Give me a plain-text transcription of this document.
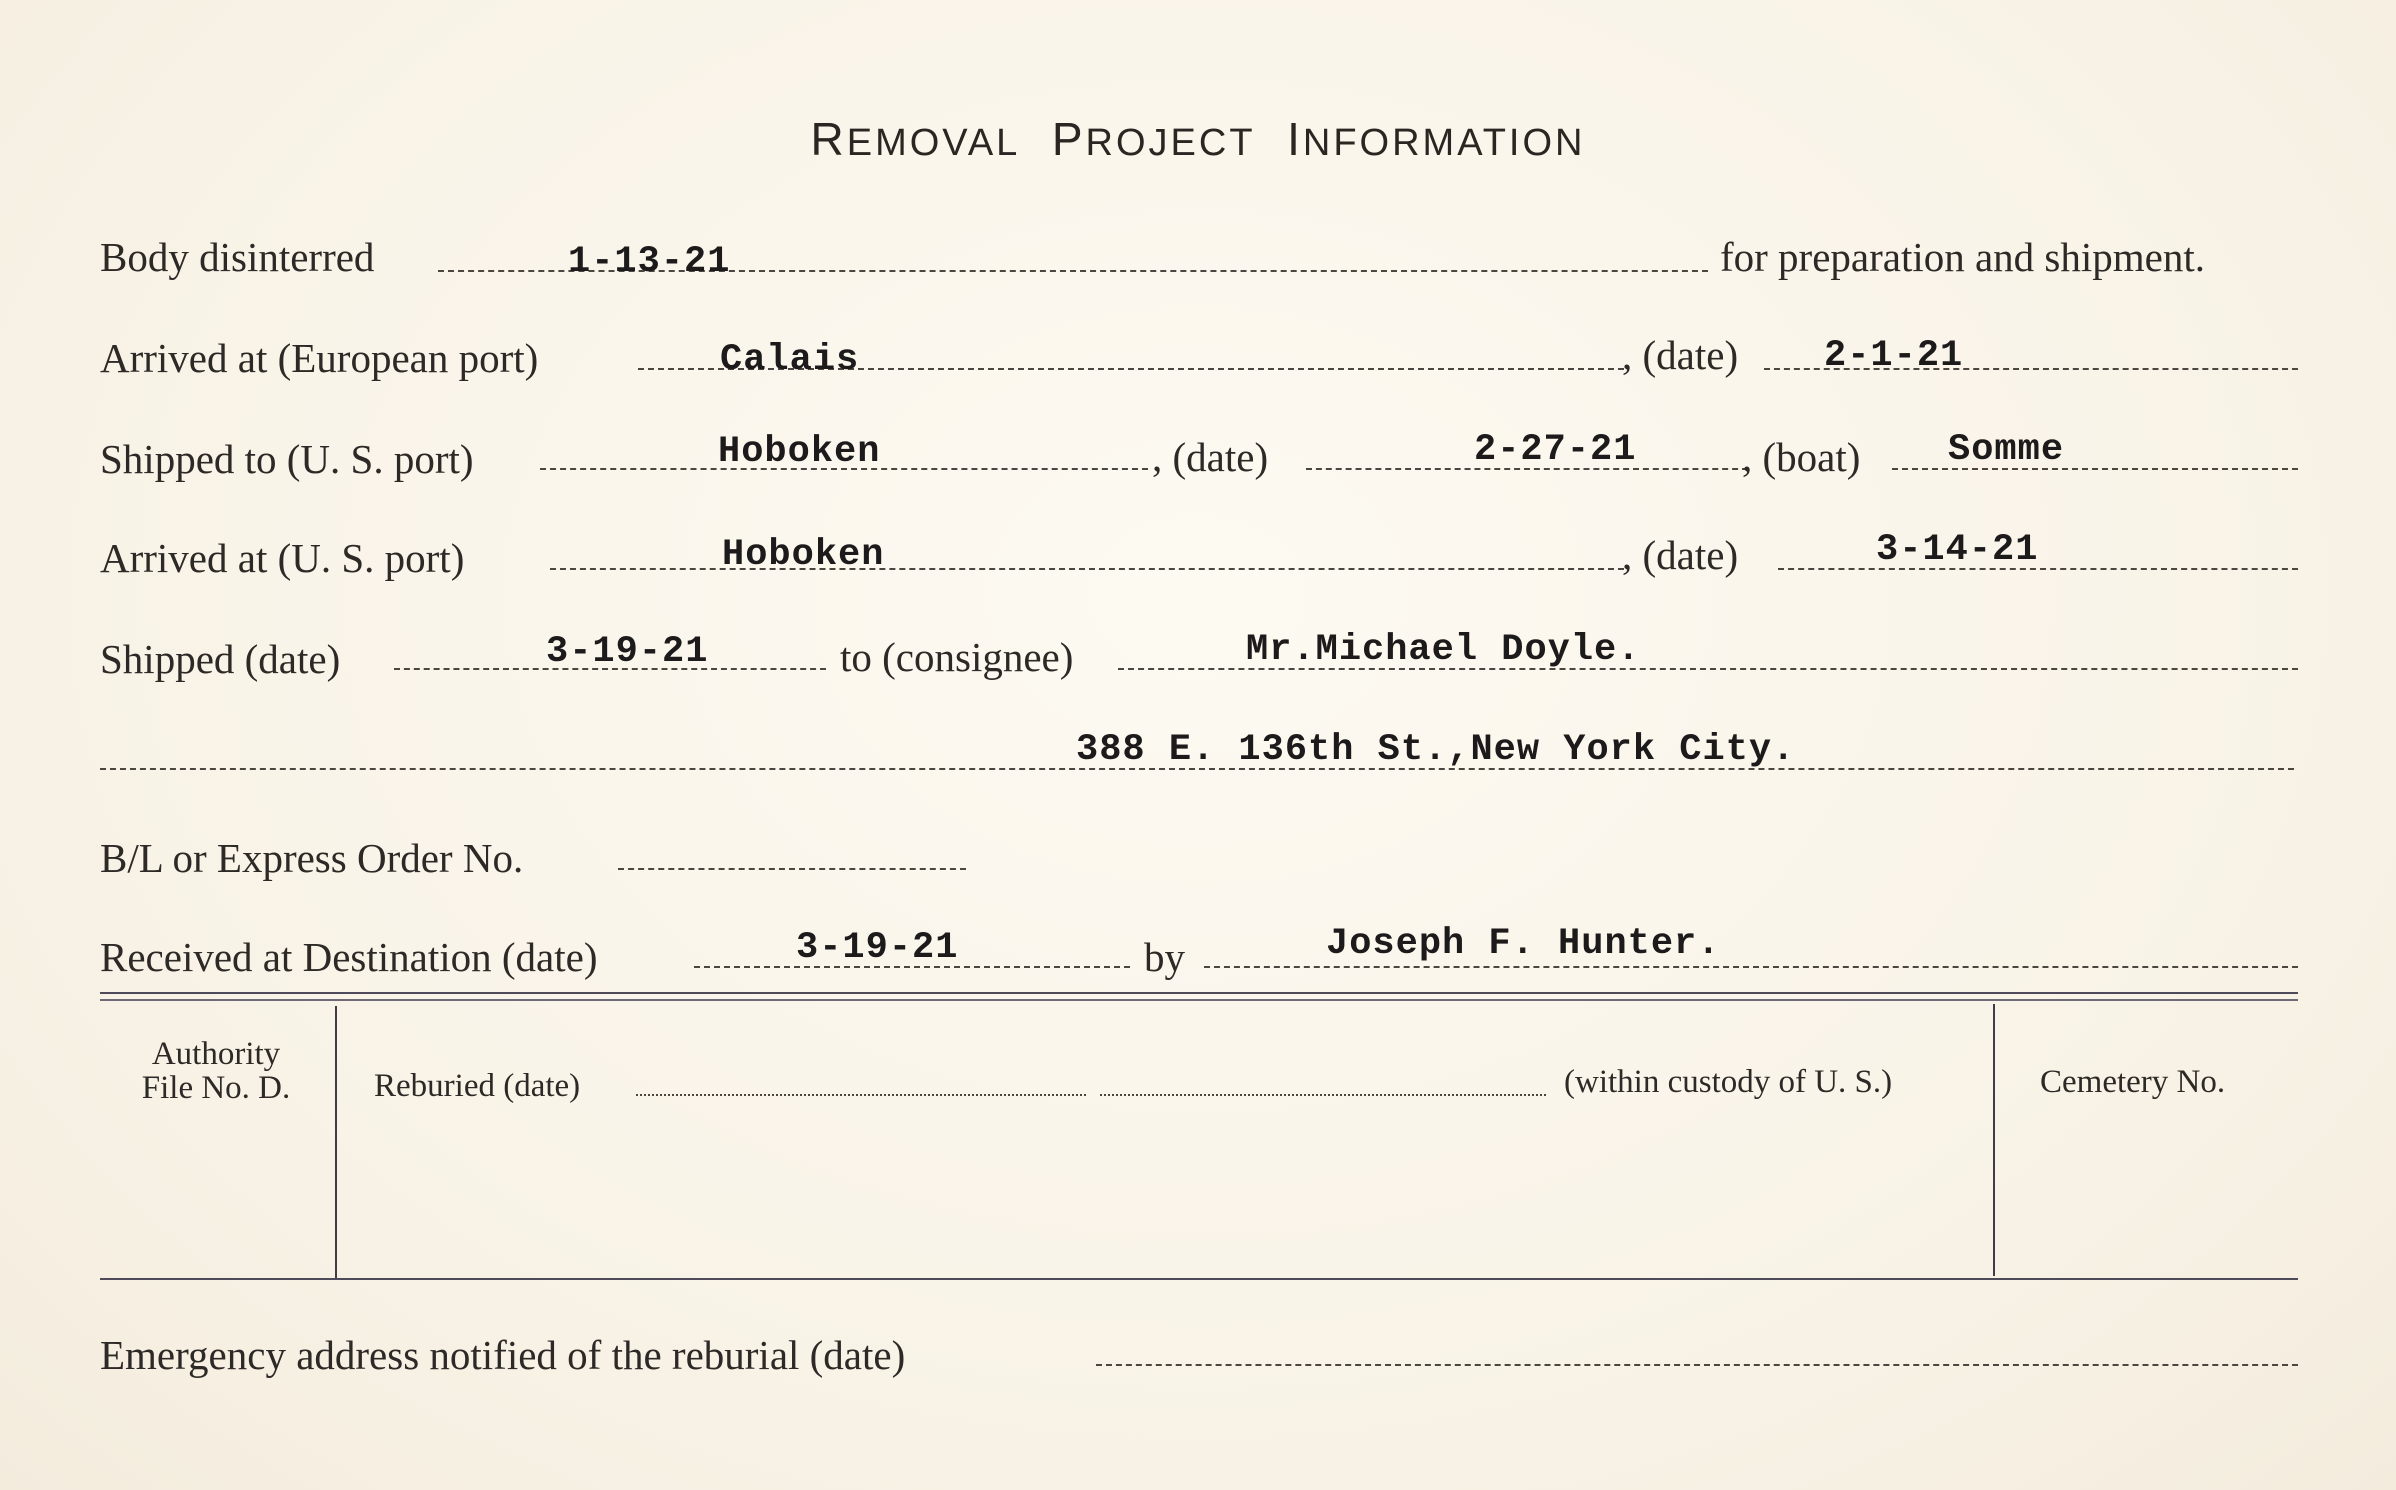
REMOVAL PROJECT INFORMATION
Body disinterred	1-13-21	for preparation and shipment.
Arrived at (European port)	Calais	, (date) 2-1-21
Shipped to (U. S. port)	Hoboken	, (date)	2-27-21	, (boat) Somme
Arrived at (U. S. port)	Hoboken	, (date)	3-14-21
Shipped (date)	3-19-21	to (consignee)	Mr.Michael Doyle.
388 E. 136th St.,New York City.
B/L or Express Order No.
Received at Destination (date)	3-19-21	by	Joseph F. Hunter.
Authority
File No. D.	Reburied (date)	(within custody of U. S.)	Cemetery No.
Emergency address notified of the reburial (date)
